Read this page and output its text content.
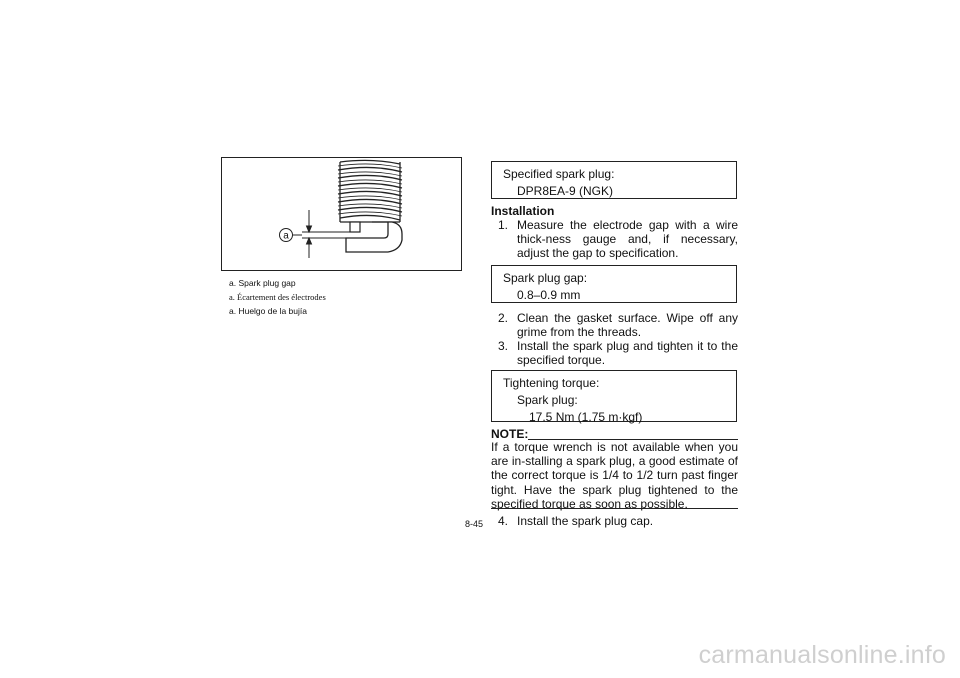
a
a. Spark plug gap
a. Écartement des électrodes
a. Huelgo de la bujía
Specified spark plug:
DPR8EA-9 (NGK)
Installation
1. Measure the electrode gap with a wire thick-ness gauge and, if necessary, adjust the gap to specification.
Spark plug gap:
0.8–0.9 mm
2. Clean the gasket surface. Wipe off any grime from the threads.
3. Install the spark plug and tighten it to the specified torque.
Tightening torque:
Spark plug:
17.5 Nm (1.75 m·kgf)
NOTE:
If a torque wrench is not available when you are in-stalling a spark plug, a good estimate of the correct torque is 1/4 to 1/2 turn past finger tight. Have the spark plug tightened to the specified torque as soon as possible.
4. Install the spark plug cap.
8-45
carmanualsonline.info
